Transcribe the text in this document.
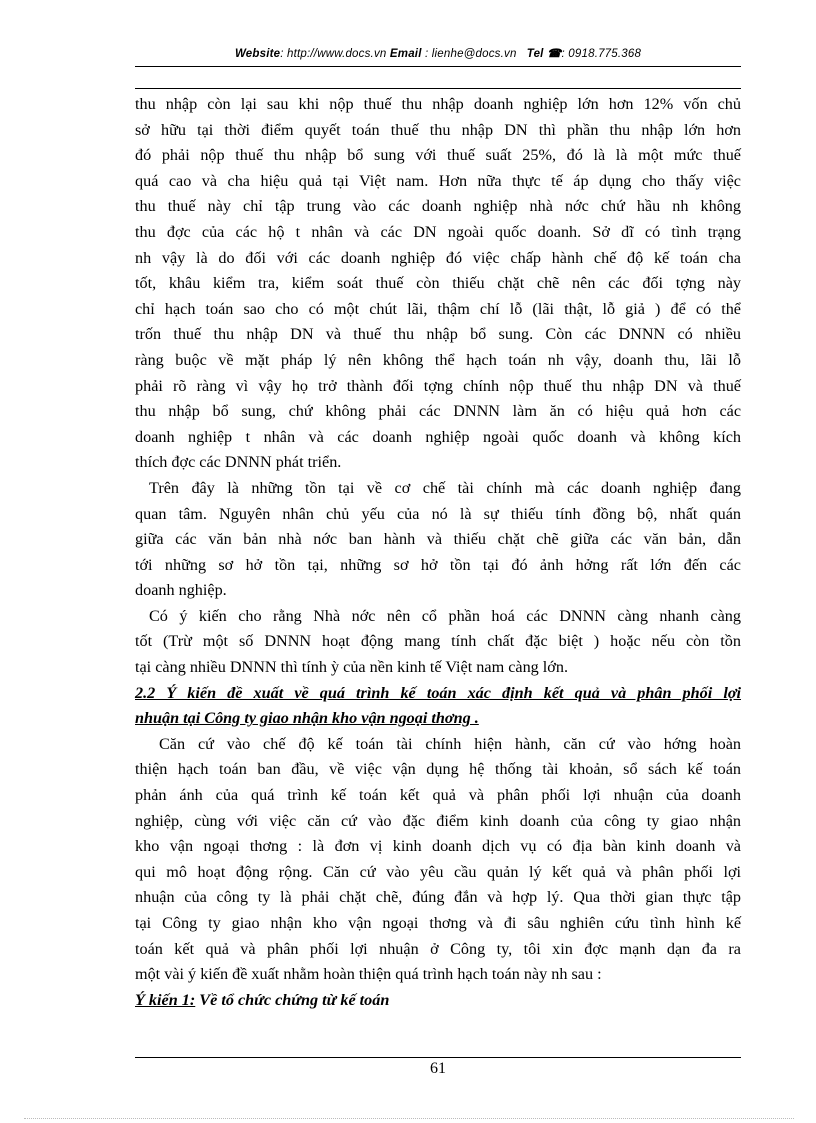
Website: http://www.docs.vn Email : lienhe@docs.vn Tel ☎: 0918.775.368

thu nhập còn lại sau khi nộp thuế thu nhập doanh nghiệp lớn hơn 12% vốn chủ

sở hữu tại thời điểm quyết toán thuế thu nhập DN thì phần thu nhập lớn hơn

đó phải nộp thuế thu nhập bổ sung với thuế suất 25%, đó là là một mức thuế

quá cao và cha hiệu quả tại Việt nam. Hơn nữa thực tế áp dụng cho thấy việc

thu thuế này chỉ tập trung vào các doanh nghiệp nhà nớc chứ hầu nh không

thu đợc của các hộ t nhân và các DN ngoài quốc doanh. Sở dĩ có tình trạng

nh vậy là do đối với các doanh nghiệp đó việc chấp hành chế độ kế toán cha

tốt, khâu kiểm tra, kiểm soát thuế còn thiếu chặt chẽ nên các đối tợng này

chỉ hạch toán sao cho có một chút lãi, thậm chí lỗ (lãi thật, lỗ giả ) để có thể

trốn thuế thu nhập DN và thuế thu nhập bổ sung. Còn các DNNN có nhiều

ràng buộc về mặt pháp lý nên không thể hạch toán nh vậy, doanh thu, lãi lỗ

phải rõ ràng vì vậy họ trở thành đối tợng chính nộp thuế thu nhập DN và thuế

thu nhập bổ sung, chứ không phải các DNNN làm ăn có hiệu quả hơn các

doanh nghiệp t nhân và các doanh nghiệp ngoài quốc doanh và không kích

thích đợc các DNNN phát triển.

Trên đây là những tồn tại về cơ chế tài chính mà các doanh nghiệp đang

quan tâm. Nguyên nhân chủ yếu của nó là sự thiếu tính đồng bộ, nhất quán

giữa các văn bản nhà nớc ban hành và thiếu chặt chẽ giữa các văn bản, dẫn

tới những sơ hở tồn tại, những sơ hở tồn tại đó ảnh hởng rất lớn đến các

doanh nghiệp.

Có ý kiến cho rằng Nhà nớc nên cổ phần hoá các DNNN càng nhanh càng

tốt (Trừ một số DNNN hoạt động mang tính chất đặc biệt ) hoặc nếu còn tồn

tại càng nhiều DNNN thì tính ỳ của nền kinh tế Việt nam càng lớn.

2.2 Ý kiến đề xuất về quá trình kế toán xác định kết quả và phân phối lợi

nhuận tại Công ty giao nhận kho vận ngoại thơng .

Căn cứ vào chế độ kế toán tài chính hiện hành, căn cứ vào hớng hoàn

thiện hạch toán ban đầu, về việc vận dụng hệ thống tài khoản, sổ sách kế toán

phản ánh của quá trình kế toán kết quả và phân phối lợi nhuận của doanh

nghiệp, cùng với việc căn cứ vào đặc điểm kinh doanh của công ty giao nhận

kho vận ngoại thơng : là đơn vị kinh doanh dịch vụ có địa bàn kinh doanh và

qui mô hoạt động rộng. Căn cứ vào yêu cầu quản lý kết quả và phân phối lợi

nhuận của công ty là phải chặt chẽ, đúng đắn và hợp lý. Qua thời gian thực tập

tại Công ty giao nhận kho vận ngoại thơng và đi sâu nghiên cứu tình hình kế

toán kết quả và phân phối lợi nhuận ở Công ty, tôi xin đợc mạnh dạn đa ra

một vài ý kiến đề xuất nhằm hoàn thiện quá trình hạch toán này nh sau :

Ý kiến 1: Về tổ chức chứng từ kế toán

61
